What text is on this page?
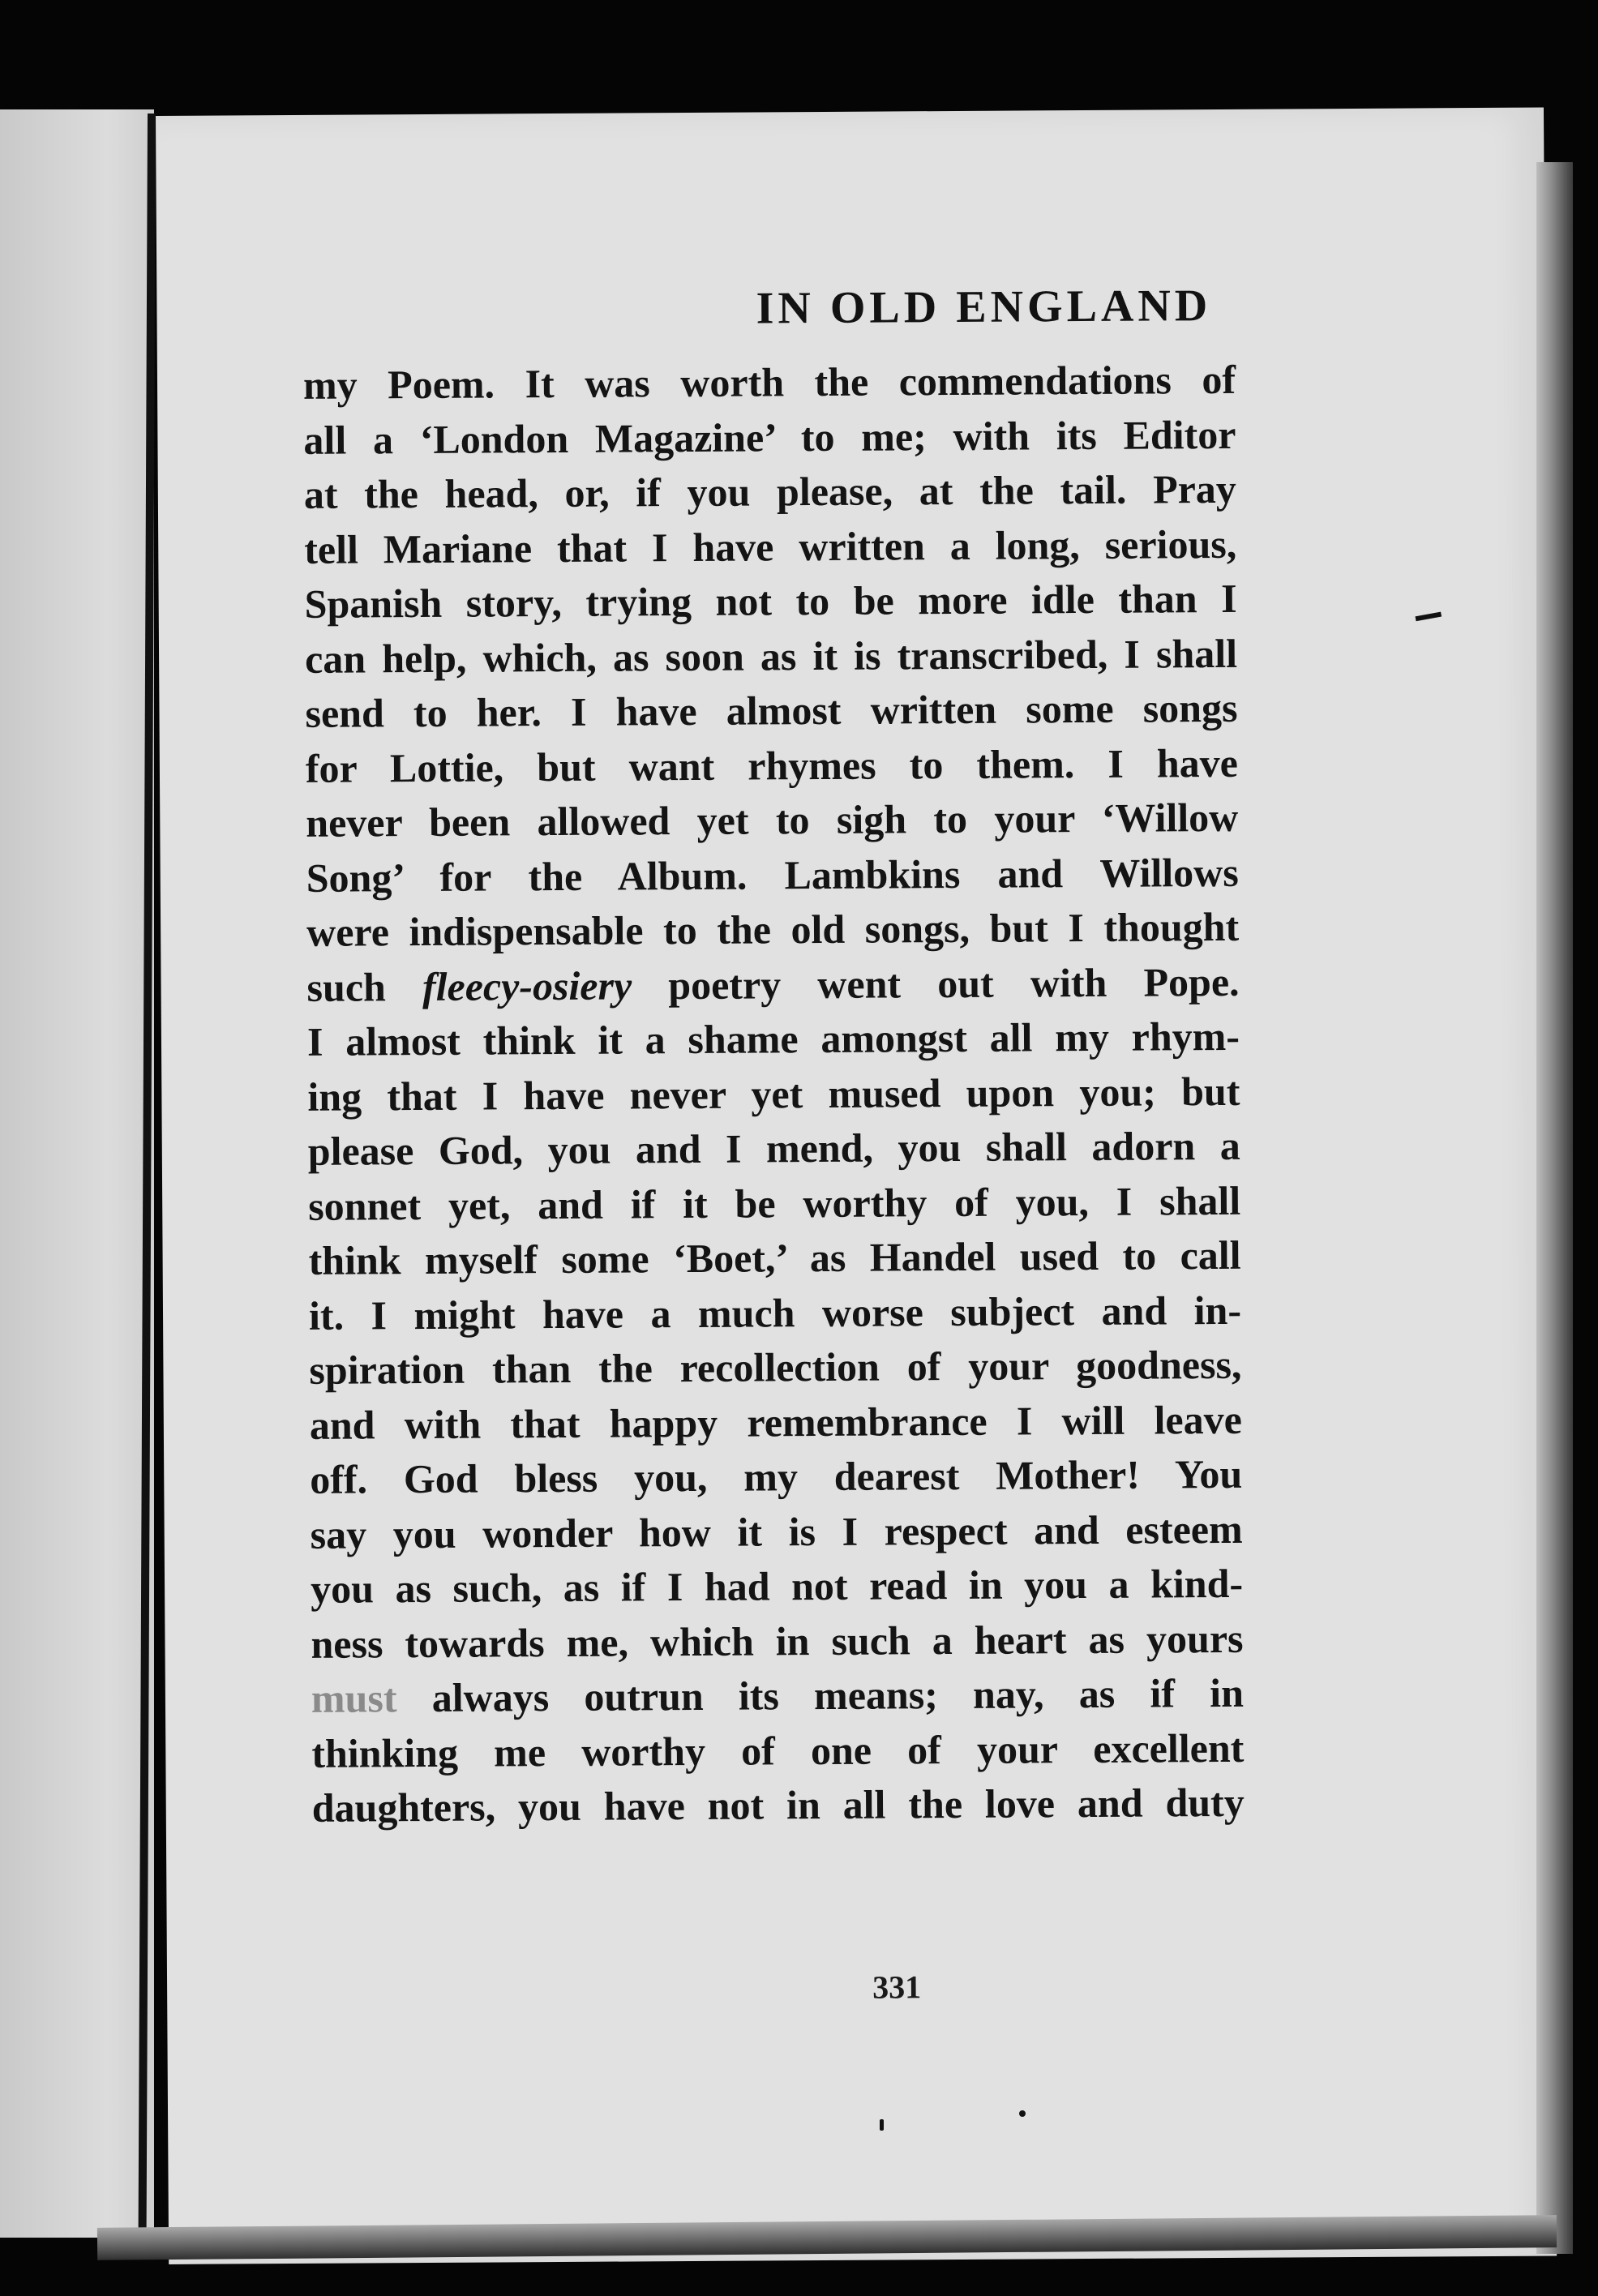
IN OLD ENGLAND
my Poem. It was worth the commendations of
all a ‘London Magazine’ to me; with its Editor
at the head, or, if you please, at the tail. Pray
tell Mariane that I have written a long, serious,
Spanish story, trying not to be more idle than I
can help, which, as soon as it is transcribed, I shall
send to her. I have almost written some songs
for Lottie, but want rhymes to them. I have
never been allowed yet to sigh to your ‘Willow
Song’ for the Album. Lambkins and Willows
were indispensable to the old songs, but I thought
such fleecy-osiery poetry went out with Pope.
I almost think it a shame amongst all my rhym-
ing that I have never yet mused upon you; but
please God, you and I mend, you shall adorn a
sonnet yet, and if it be worthy of you, I shall
think myself some ‘Boet,’ as Handel used to call
it. I might have a much worse subject and in-
spiration than the recollection of your goodness,
and with that happy remembrance I will leave
off. God bless you, my dearest Mother! You
say you wonder how it is I respect and esteem
you as such, as if I had not read in you a kind-
ness towards me, which in such a heart as yours
must always outrun its means; nay, as if in
thinking me worthy of one of your excellent
daughters, you have not in all the love and duty
331
